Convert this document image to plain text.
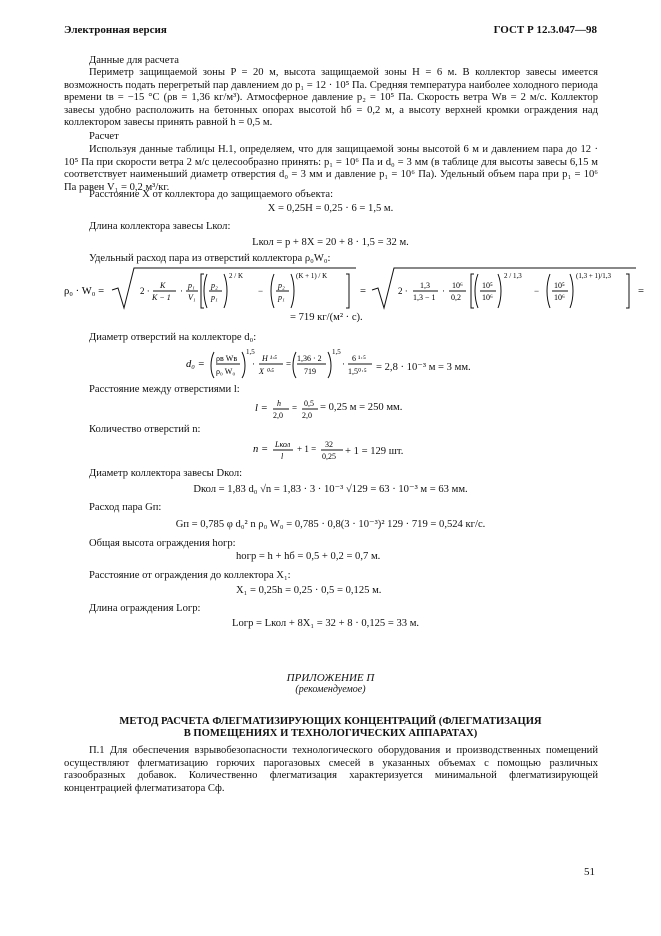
Электронная версия	ГОСТ Р 12.3.047—98
Данные для расчета

Периметр защищаемой зоны P = 20 м, высота защищаемой зоны H = 6 м. В коллектор завесы имеется возможность подать перегретый пар давлением до p₁ = 12 · 10⁵ Па. Средняя температура наиболее холодного периода времени tв = −15 °С (ρв = 1,36 кг/м³). Атмосферное давление p₂ = 10⁵ Па. Скорость ветра Wв = 2 м/с. Коллектор завесы удобно расположить на бетонных опорах высотой hб = 0,2 м, а высоту верхней кромки ограждения над коллектором завесы принять равной h = 0,5 м.

Расчет

Используя данные таблицы Н.1, определяем, что для защищаемой зоны высотой 6 м и давлением пара до 12 · 10⁵ Па при скорости ветра 2 м/с целесообразно принять: p₁ = 10⁶ Па и d₀ = 3 мм (в таблице для высоты завесы 6,15 м соответствует наименьший диаметр отверстия d₀ = 3 мм и давление p₁ = 10⁶ Па). Удельный объем пара при p₁ = 10⁶ Па равен V₁ = 0,2 м³/кг.

Расстояние X от коллектора до защищаемого объекта:
X = 0,25H = 0,25 · 6 = 1,5 м.
Длина коллектора завесы Lкол:
Lкол = p + 8X = 20 + 8 · 1,5 = 32 м.
Удельный расход пара из отверстий коллектора ρ₀W₀:
ρ₀ · W₀ =	2 ·
K
K − 1
·
p₁
V₁
p₂
p₁
2 / K
−
p₂
p₁
(K + 1) / K
=	2 ·
1,3
1,3 − 1
·
10⁶
0,2
10⁵
10⁶
2 / 1,3
−
10⁵
10⁶
(1,3 + 1)/1,3
=
= 719 кг/(м² · с).
Диаметр отверстий на коллекторе d₀:
d₀ =
ρв Wв
ρ₀ W₀
1,5
·
H ¹·⁵
X ⁰·⁵
=
1,36 · 2
719
1,5
·
6 ¹·⁵
1,5⁰·⁵ = 2,8 · 10⁻³ м = 3 мм.
Расстояние между отверстиями l:
l = h
2,0
= 0,5
2,0
= 0,25 м = 250 мм.
Количество отверстий n:
n = Lкол
l
+ 1 = 32
0,25 + 1 = 129 шт.
Диаметр коллектора завесы Dкол:
Dкол = 1,83 d₀ √n = 1,83 · 3 · 10⁻³ √129 = 63 · 10⁻³ м = 63 мм.
Расход пара Gп:
Gп = 0,785 φ d₀² n ρ₀ W₀ = 0,785 · 0,8(3 · 10⁻³)² 129 · 719 = 0,524 кг/с.
Общая высота ограждения hогр:
hогр = h + hб = 0,5 + 0,2 = 0,7 м.
Расстояние от ограждения до коллектора X₁:
X₁ = 0,25h = 0,25 · 0,5 = 0,125 м.
Длина ограждения Lогр:
Lогр = Lкол + 8X₁ = 32 + 8 · 0,125 = 33 м.
ПРИЛОЖЕНИЕ П
(рекомендуемое)
МЕТОД РАСЧЕТА ФЛЕГМАТИЗИРУЮЩИХ КОНЦЕНТРАЦИЙ (ФЛЕГМАТИЗАЦИЯ
В ПОМЕЩЕНИЯХ И ТЕХНОЛОГИЧЕСКИХ АППАРАТАХ)

П.1 Для обеспечения взрывобезопасности технологического оборудования и производственных помещений осуществляют флегматизацию горючих парогазовых смесей в указанных объемах с помощью различных газообразных добавок. Количественно флегматизация характеризуется минимальной флегматизирующей концентрацией флегматизатора Cф.

51
